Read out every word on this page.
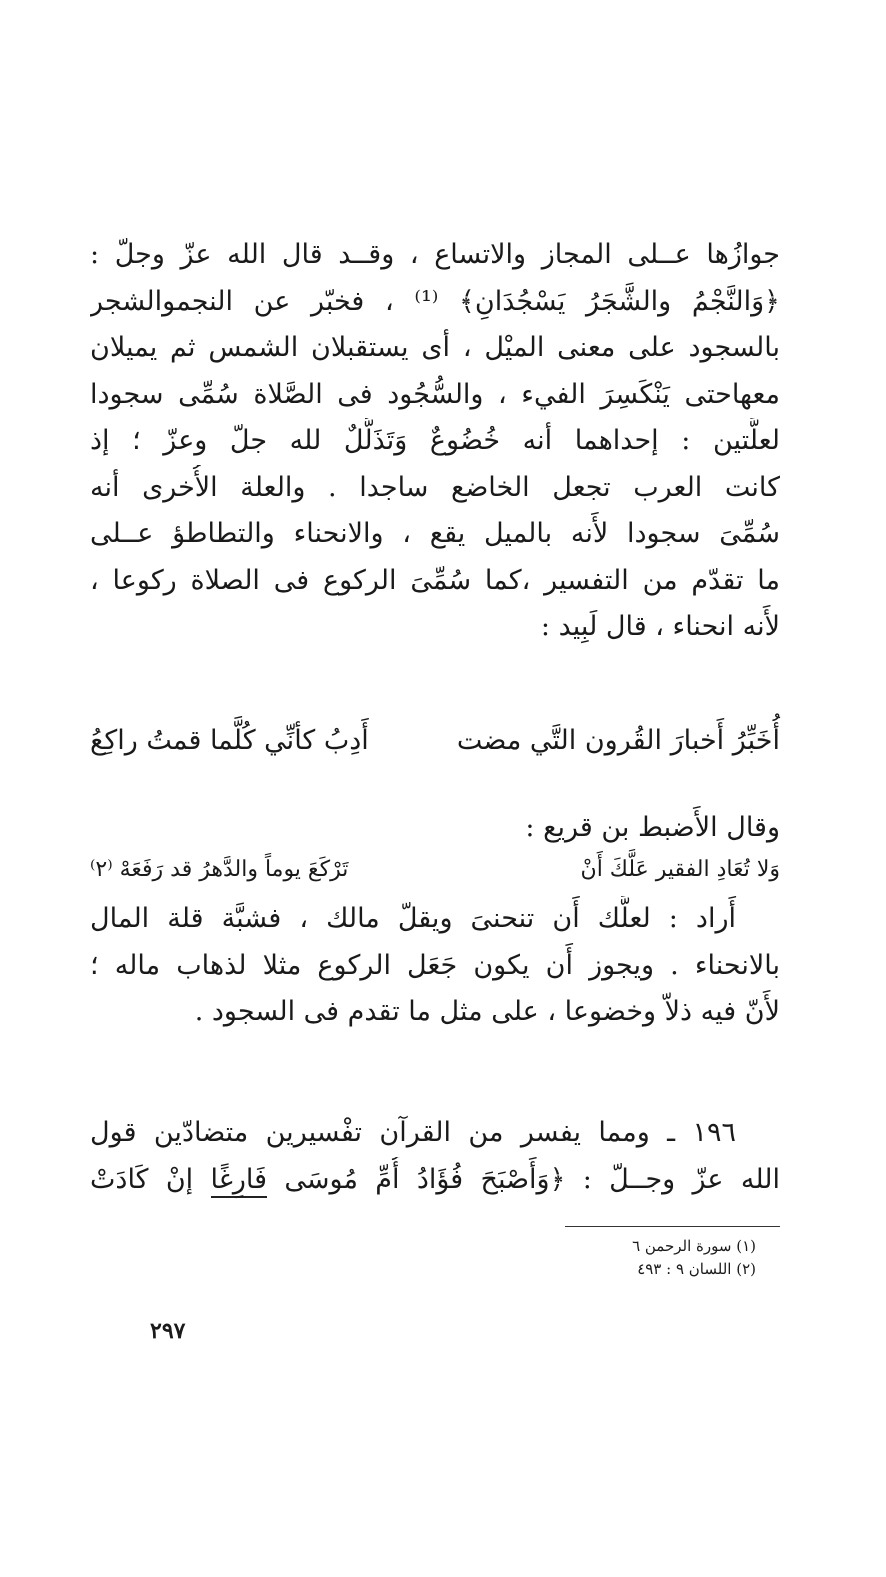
جوازُها عــلى المجاز والاتساع ، وقــد قال الله عزّ وجلّ :
﴿وَالنَّجْمُ والشَّجَرُ يَسْجُدَانِ﴾ ⁽¹⁾ ، فخبّر عن النجموالشجر
بالسجود على معنى الميْل ، أى يستقبلان الشمس ثم يميلان
معهاحتى يَنْكَسِرَ الفيء ، والسُّجُود فى الصَّلاة سُمِّى سجودا
لعلَّتين : إحداهما أنه خُضُوعٌ وَتَذَلُّلٌ لله جلّ وعزّ ؛ إذ
كانت العرب تجعل الخاضع ساجدا . والعلة الأُخرى أنه
سُمِّىَ سجودا لأَنه بالميل يقع ، والانحناء والتطاطؤ عــلى
ما تقدّم من التفسير ،كما سُمِّىَ الركوع فى الصلاة ركوعا ،
لأَنه انحناء ، قال لَبِيد :
أُخَبِّرُ أَخبارَ القُرون التَّي مضت
أَدِبُ كأنِّي كُلَّما قمتُ راكِعُ
وقال الأَضبط بن قريع :
وَلا تُعَادِ الفقير عَلَّكَ أَنْ
تَرْكَعَ يوماً والدَّهرُ قد رَفَعَهْ ⁽٢⁾
أَراد : لعلَّك أَن تنحنىَ ويقلّ مالك ، فشبَّة قلة المال
بالانحناء . ويجوز أَن يكون جَعَل الركوع مثلا لذهاب ماله ؛
لأَنّ فيه ذلاّ وخضوعا ، على مثل ما تقدم فى السجود .
١٩٦ ـ ومما يفسر من القرآن تفْسيرين متضادّين قول
الله عزّ وجــلّ : ﴿وَأَصْبَحَ فُؤَادُ أُمِّ مُوسَى فَارِغًا إنْ كَادَتْ
(١) سورة الرحمن ٦
(٢) اللسان ٩ : ٤٩٣
٢٩٧
